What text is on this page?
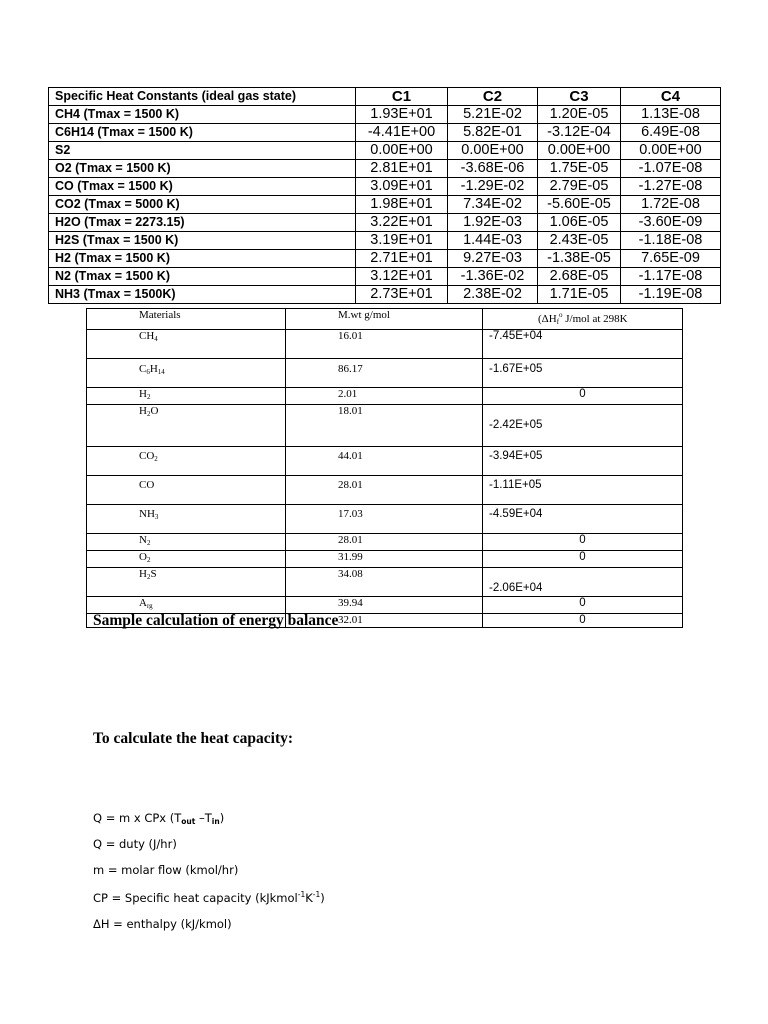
Specific Heat Constants (ideal gas state)	C1	C2	C3	C4
CH4 (Tmax = 1500 K)	1.93E+01	5.21E-02	1.20E-05	1.13E-08
C6H14 (Tmax = 1500 K)	-4.41E+00	5.82E-01	-3.12E-04	6.49E-08
S2	0.00E+00	0.00E+00	0.00E+00	0.00E+00
O2 (Tmax = 1500 K)	2.81E+01	-3.68E-06	1.75E-05	-1.07E-08
CO (Tmax = 1500 K)	3.09E+01	-1.29E-02	2.79E-05	-1.27E-08
CO2 (Tmax = 5000 K)	1.98E+01	7.34E-02	-5.60E-05	1.72E-08
H2O (Tmax = 2273.15)	3.22E+01	1.92E-03	1.06E-05	-3.60E-09
H2S (Tmax = 1500 K)	3.19E+01	1.44E-03	2.43E-05	-1.18E-08
H2 (Tmax = 1500 K)	2.71E+01	9.27E-03	-1.38E-05	7.65E-09
N2 (Tmax = 1500 K)	3.12E+01	-1.36E-02	2.68E-05	-1.17E-08
NH3 (Tmax = 1500K)	2.73E+01	2.38E-02	1.71E-05	-1.19E-08
Materials	M.wt g/mol	($\Delta H_f^o$ J/mol at 298K
$CH_4$	16.01	-7.45E+04
$C_6H_{14}$	86.17	-1.67E+05
$H_2$	2.01	0
$H_2O$	18.01	-2.42E+05
$CO_2$	44.01	-3.94E+05
CO	28.01	-1.11E+05
$NH_3$	17.03	-4.59E+04
$N_2$	28.01	0
$O_2$	31.99	0
$H_2S$	34.08	-2.06E+04
$A_{rg}$	39.94	0
	32.01	0
Sample calculation of energy balance
To calculate the heat capacity:
Q = m x CPx ($T_{out}$ $-T_{in}$)
Q = duty (J/hr)
m = molar flow (kmol/hr)
CP = Specific heat capacity $(kJkmol^{-1}K^{-1})$
ΔH = enthalpy (kJ/kmol)
